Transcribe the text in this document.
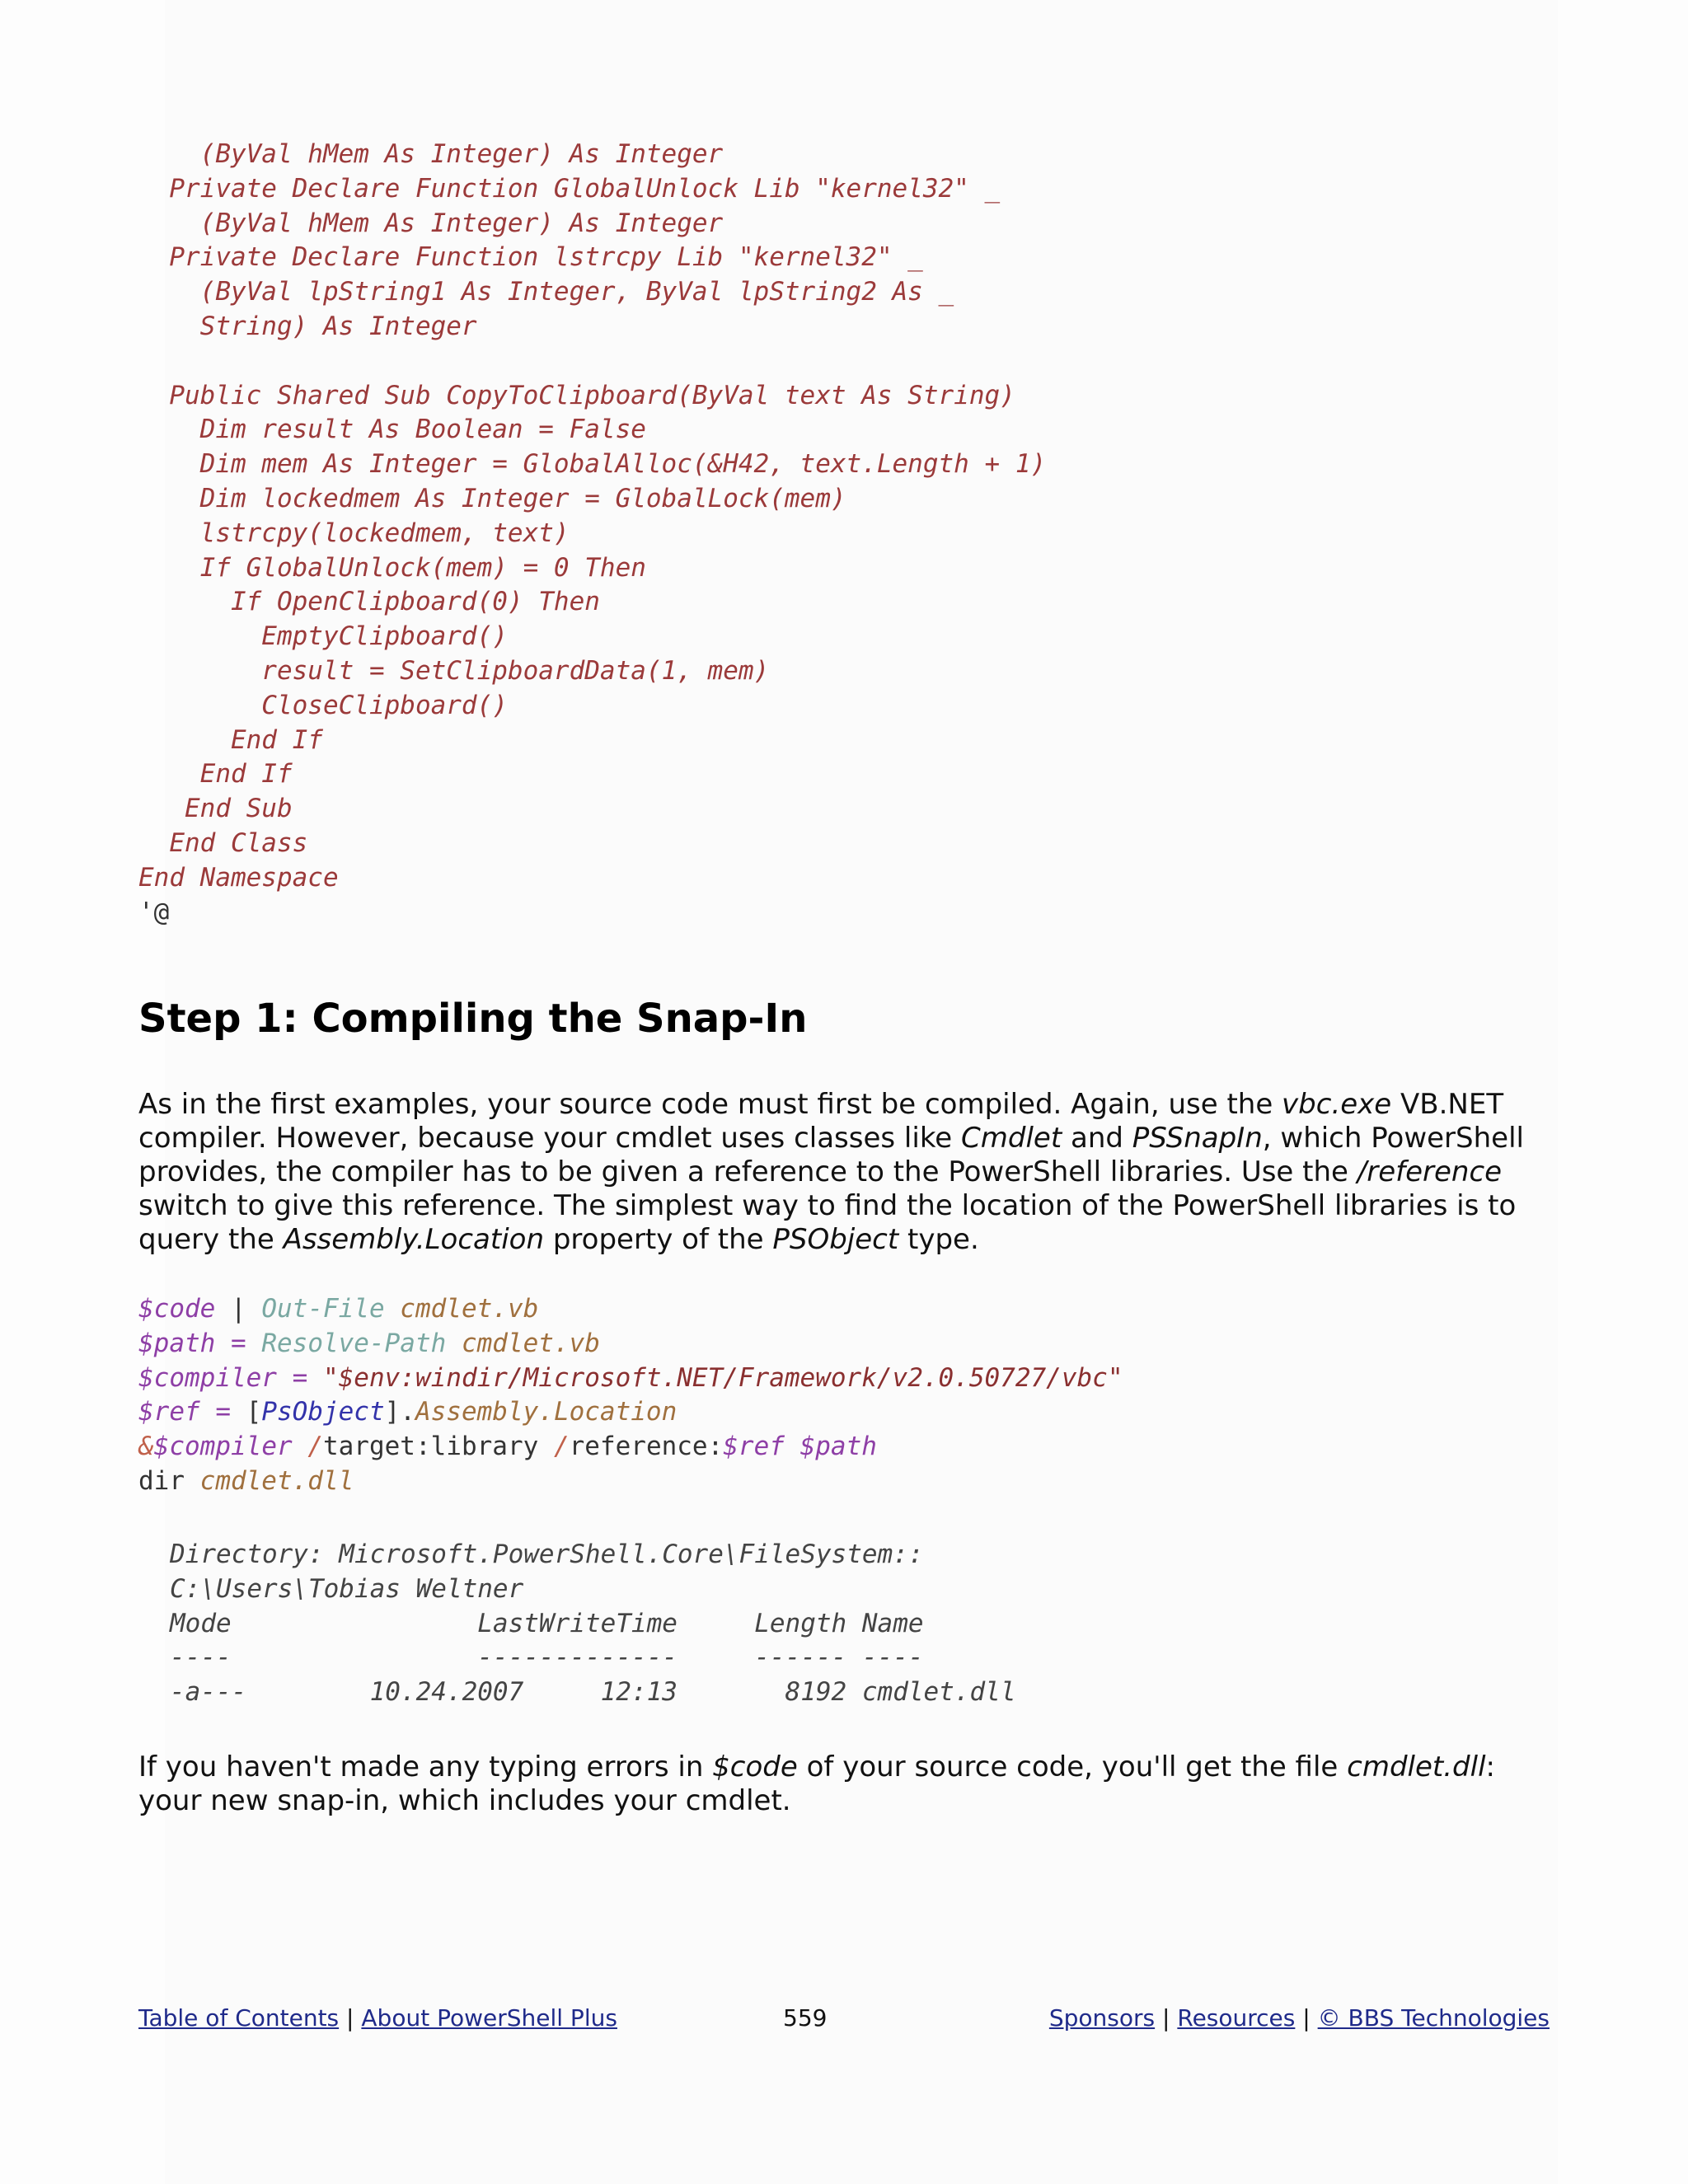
(ByVal hMem As Integer) As Integer
Private Declare Function GlobalUnlock Lib "kernel32" _
(ByVal hMem As Integer) As Integer
Private Declare Function lstrcpy Lib "kernel32" _
(ByVal lpString1 As Integer, ByVal lpString2 As _
String) As Integer
Public Shared Sub CopyToClipboard(ByVal text As String)
Dim result As Boolean = False
Dim mem As Integer = GlobalAlloc(&H42, text.Length + 1)
Dim lockedmem As Integer = GlobalLock(mem)
lstrcpy(lockedmem, text)
If GlobalUnlock(mem) = 0 Then
If OpenClipboard(0) Then
EmptyClipboard()
result = SetClipboardData(1, mem)
CloseClipboard()
End If
End If
End Sub
End Class
End Namespace
'@
Step 1: Compiling the Snap-In

As in the first examples, your source code must first be compiled. Again, use the vbc.exe VB.NET compiler. However, because your cmdlet uses classes like Cmdlet and PSSnapIn, which PowerShell provides, the compiler has to be given a reference to the PowerShell libraries. Use the /reference switch to give this reference. The simplest way to find the location of the PowerShell libraries is to query the Assembly.Location property of the PSObject type.

$code | Out-File cmdlet.vb
$path = Resolve-Path cmdlet.vb
$compiler = "$env:windir/Microsoft.NET/Framework/v2.0.50727/vbc"
$ref = [PsObject].Assembly.Location
&$compiler /target:library /reference:$ref $path
dir cmdlet.dll
Directory: Microsoft.PowerShell.Core\FileSystem::
C:\Users\Tobias Weltner
Mode                LastWriteTime     Length Name
----                -------------     ------ ----
-a---        10.24.2007     12:13       8192 cmdlet.dll

If you haven't made any typing errors in $code of your source code, you'll get the file cmdlet.dll: your new snap-in, which includes your cmdlet.

Table of Contents | About PowerShell Plus	559	Sponsors | Resources | © BBS Technologies
